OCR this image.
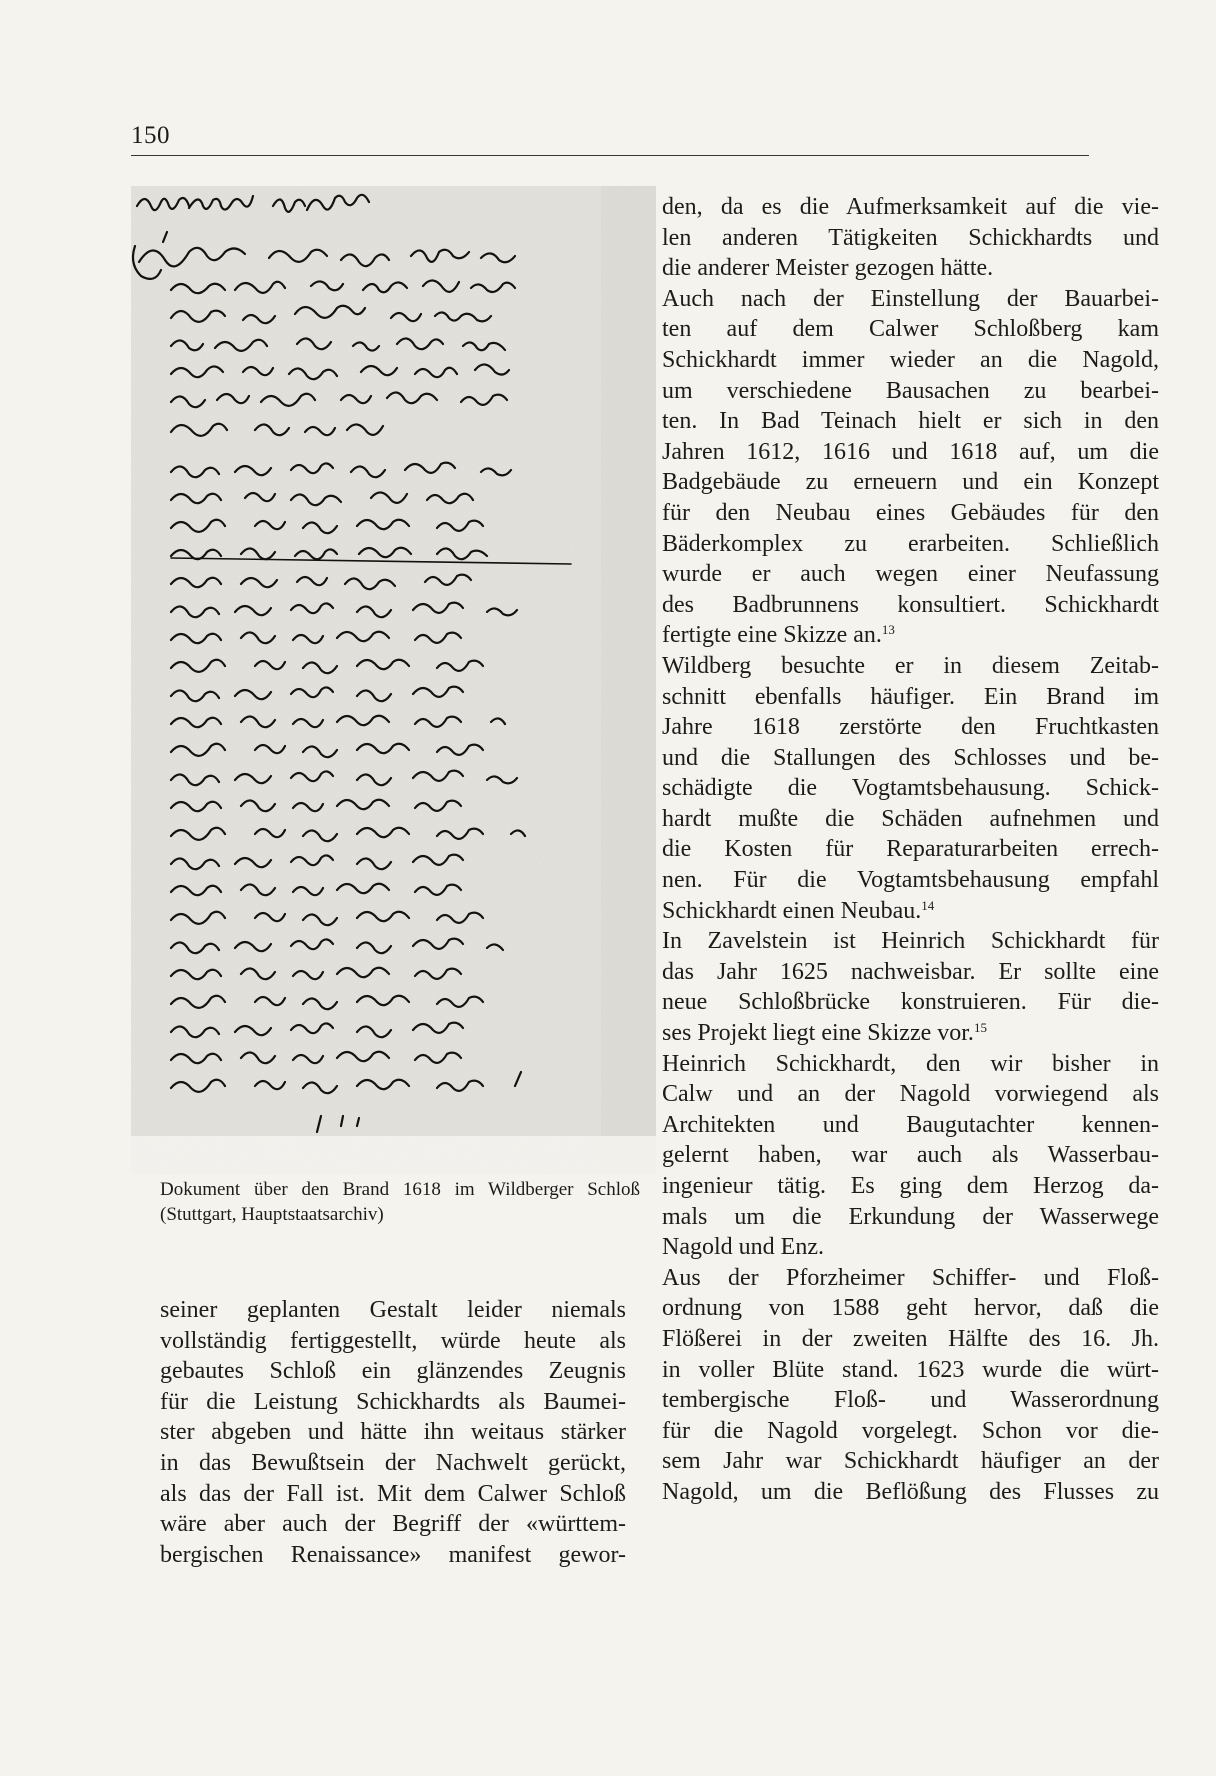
150
Dokument über den Brand 1618 im Wildberger Schloß (Stuttgart, Hauptstaatsarchiv)
seiner geplanten Gestalt leider niemals
vollständig fertiggestellt, würde heute als
gebautes Schloß ein glänzendes Zeugnis
für die Leistung Schickhardts als Baumei-
ster abgeben und hätte ihn weitaus stärker
in das Bewußtsein der Nachwelt gerückt,
als das der Fall ist. Mit dem Calwer Schloß
wäre aber auch der Begriff der «württem-
bergischen Renaissance» manifest gewor-
den, da es die Aufmerksamkeit auf die vie-
len anderen Tätigkeiten Schickhardts und
die anderer Meister gezogen hätte.
Auch nach der Einstellung der Bauarbei-
ten auf dem Calwer Schloßberg kam
Schickhardt immer wieder an die Nagold,
um verschiedene Bausachen zu bearbei-
ten. In Bad Teinach hielt er sich in den
Jahren 1612, 1616 und 1618 auf, um die
Badgebäude zu erneuern und ein Konzept
für den Neubau eines Gebäudes für den
Bäderkomplex zu erarbeiten. Schließlich
wurde er auch wegen einer Neufassung
des Badbrunnens konsultiert. Schickhardt
fertigte eine Skizze an.$^{13}$
Wildberg besuchte er in diesem Zeitab-
schnitt ebenfalls häufiger. Ein Brand im
Jahre 1618 zerstörte den Fruchtkasten
und die Stallungen des Schlosses und be-
schädigte die Vogtamtsbehausung. Schick-
hardt mußte die Schäden aufnehmen und
die Kosten für Reparaturarbeiten errech-
nen. Für die Vogtamtsbehausung empfahl
Schickhardt einen Neubau.$^{14}$
In Zavelstein ist Heinrich Schickhardt für
das Jahr 1625 nachweisbar. Er sollte eine
neue Schloßbrücke konstruieren. Für die-
ses Projekt liegt eine Skizze vor.$^{15}$
Heinrich Schickhardt, den wir bisher in
Calw und an der Nagold vorwiegend als
Architekten und Baugutachter kennen-
gelernt haben, war auch als Wasserbau-
ingenieur tätig. Es ging dem Herzog da-
mals um die Erkundung der Wasserwege
Nagold und Enz.
Aus der Pforzheimer Schiffer- und Floß-
ordnung von 1588 geht hervor, daß die
Flößerei in der zweiten Hälfte des 16. Jh.
in voller Blüte stand. 1623 wurde die würt-
tembergische Floß- und Wasserordnung
für die Nagold vorgelegt. Schon vor die-
sem Jahr war Schickhardt häufiger an der
Nagold, um die Beflößung des Flusses zu
